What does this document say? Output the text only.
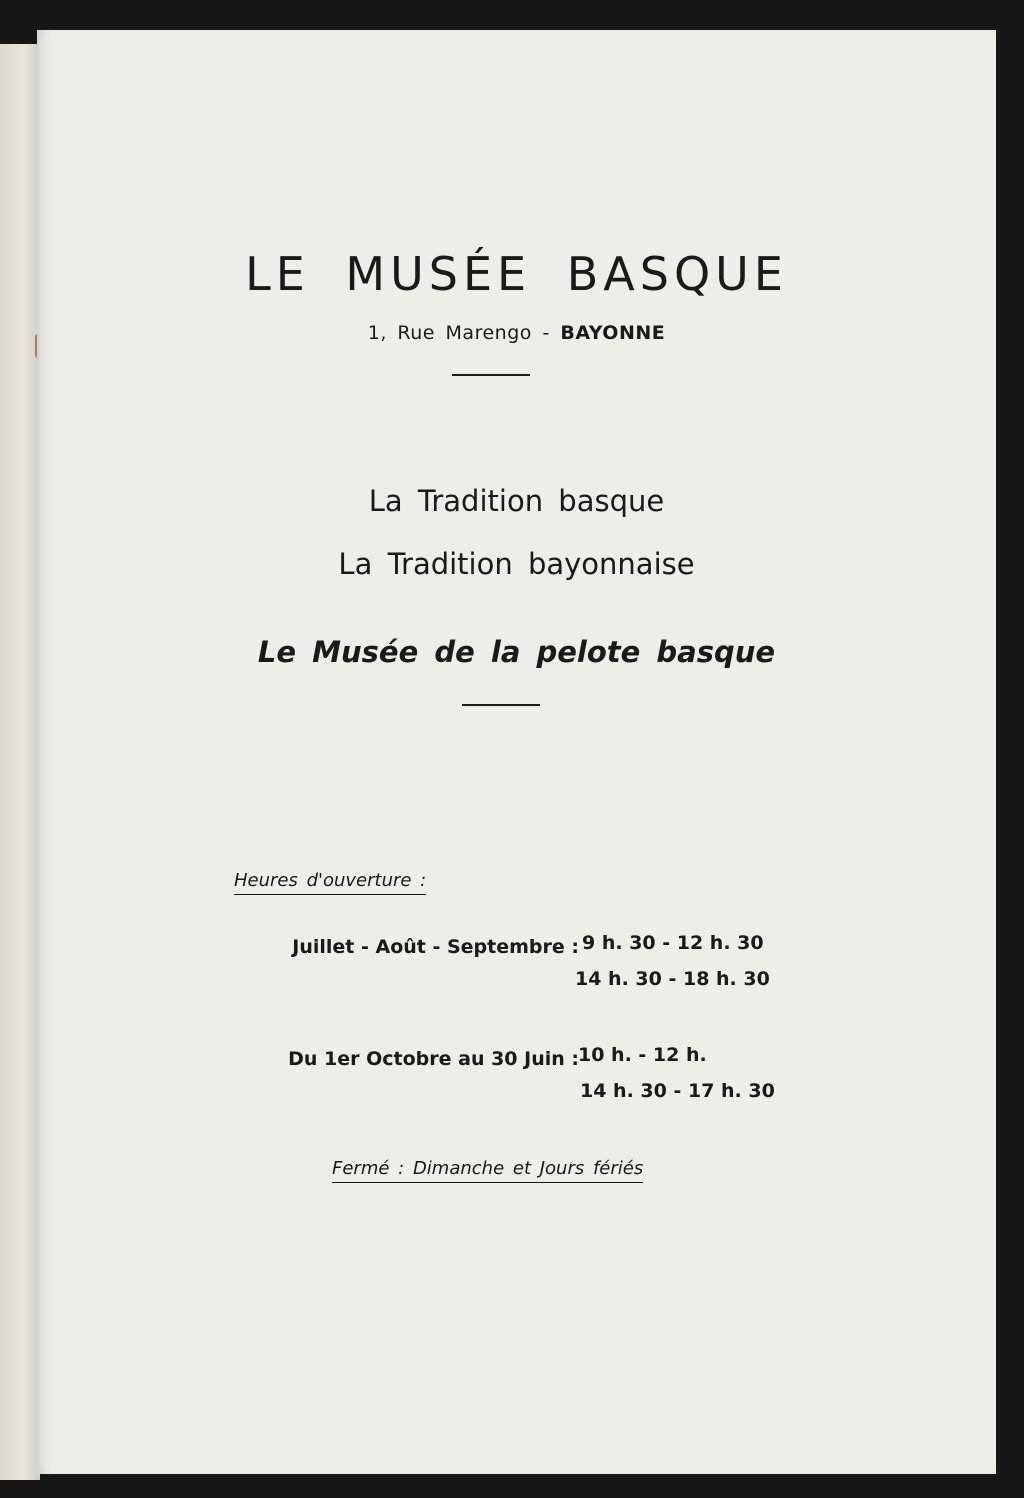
LE MUSÉE BASQUE

1, Rue Marengo - BAYONNE

La Tradition basque

La Tradition bayonnaise

Le Musée de la pelote basque

Heures d'ouverture :

Juillet - Août - Septembre : 9 h. 30 - 12 h. 30

14 h. 30 - 18 h. 30

Du 1er Octobre au 30 Juin : 10 h. - 12 h.

14 h. 30 - 17 h. 30

Fermé : Dimanche et Jours fériés
